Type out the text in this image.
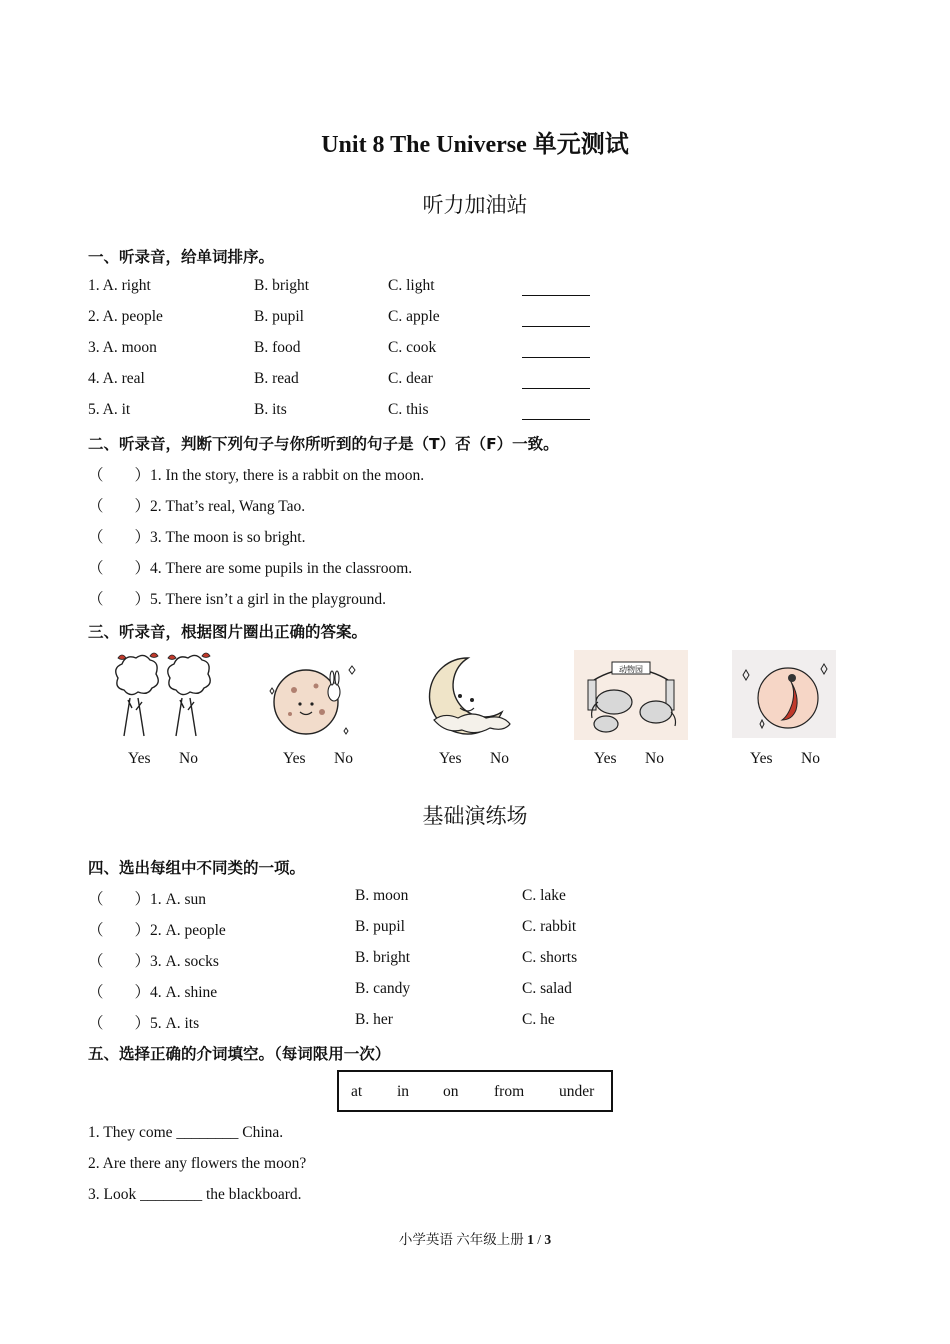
Unit 8 The Universe 单元测试
听力加油站
一、听录音，给单词排序。
1. A. right	B. bright	C. light
2. A. people	B. pupil	C. apple
3. A. moon	B. food	C. cook
4. A. real	B. read	C. dear
5. A. it	B. its	C. this
二、听录音，判断下列句子与你所听到的句子是（T）否（F）一致。
（　　）1. In the story, there is a rabbit on the moon.
（　　）2. That’s real, Wang Tao.
（　　）3. The moon is so bright.
（　　）4. There are some pupils in the classroom.
（　　）5. There isn’t a girl in the playground.
三、听录音，根据图片圈出正确的答案。
动物园
Yes No	Yes No	Yes No	Yes No	Yes No
基础演练场
四、选出每组中不同类的一项。
（　　）1. A. sun	B. moon	C. lake
（　　）2. A. people	B. pupil	C. rabbit
（　　）3. A. socks	B. bright	C. shorts
（　　）4. A. shine	B. candy	C. salad
（　　）5. A. its	B. her	C. he
五、选择正确的介词填空。（每词限用一次）
at in on from under
1. They come ________ China.
2. Are there any flowers the moon?
3. Look ________ the blackboard.
小学英语 六年级上册 1 / 3
